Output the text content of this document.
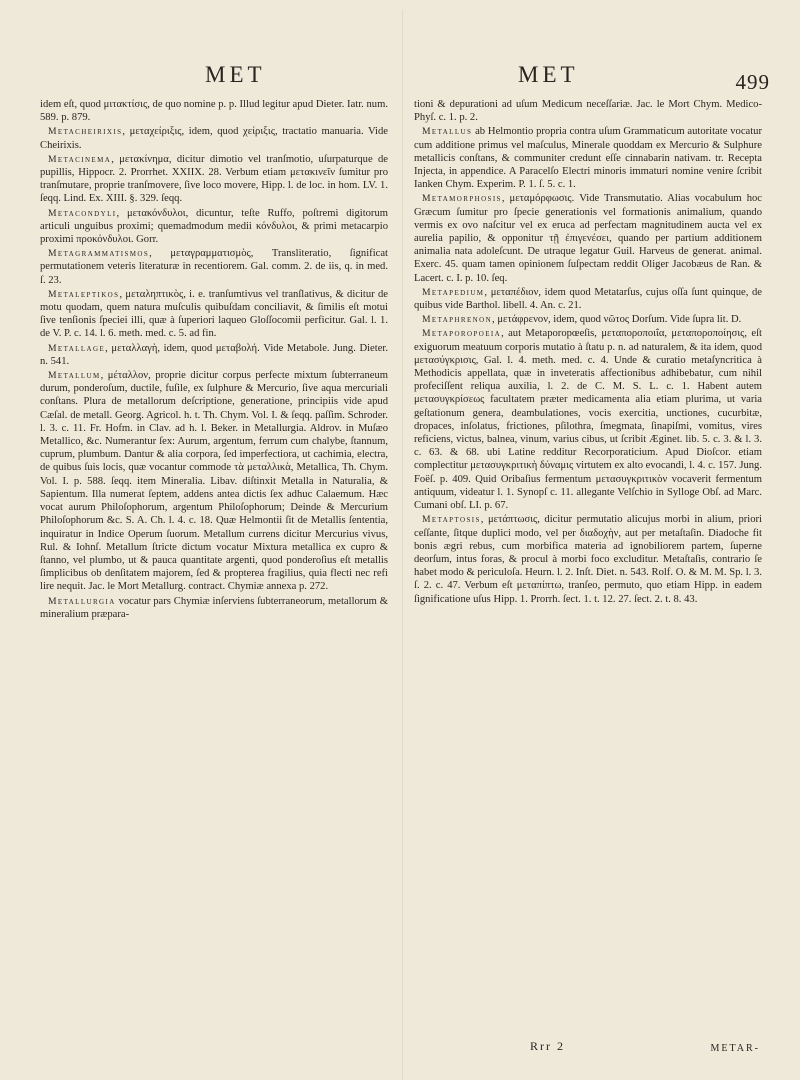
MET	MET	499

idem eſt, quod μιτακτίσις, de quo nomine p. p. Illud legitur apud Dieter. Iatr. num. 589. p. 879.

Metacheirixis, μεταχείριξις, idem, quod χείριξις, tractatio manuaria. Vide Cheirixis.

Metacinema, μετακίνημα, dicitur dimotio vel tranſmotio, uſurpaturque de pupillis, Hippocr. 2. Prorrhet. XXIIX. 28. Verbum etiam μετακινεῖν ſumitur pro tranſmutare, proprie tranſmovere, ſive loco movere, Hipp. l. de loc. in hom. LV. 1. ſeqq. Lind. Ex. XIII. §. 329. ſeqq.

Metacondyli, μετακόνδυλοι, dicuntur, teſte Ruffo, poſtremi digitorum articuli unguibus proximi; quemadmodum medii κόνδυλοι, & primi metacarpio proximi προκόνδυλοι. Gorr.

Metagrammatismos, μεταγραμματισμὸς, Transliteratio, ſignificat permutationem veteris literaturæ in recentiorem. Gal. comm. 2. de iis, q. in med. ſ. 23.

Metaleptikos, μεταληπτικὸς, i. e. tranſumtivus vel tranſlativus, & dicitur de motu quodam, quem natura muſculis quibuſdam conciliavit, & ſimilis eſt motui ſive tenſionis ſpeciei illi, quæ à ſuperiori laqueo Gloſſocomii perficitur. Gal. l. 1. de V. P. c. 14. l. 6. meth. med. c. 5. ad fin.

Metallage, μεταλλαγὴ, idem, quod μεταβολή. Vide Metabole. Jung. Dieter. n. 541.

Metallum, μέταλλον, proprie dicitur corpus perfecte mixtum ſubterraneum durum, ponderoſum, ductile, fuſile, ex ſulphure & Mercurio, ſive aqua mercuriali conſtans. Plura de metallorum deſcriptione, generatione, principiis vide apud Cæſal. de metall. Georg. Agricol. h. t. Th. Chym. Vol. I. & ſeqq. paſſim. Schroder. l. 3. c. 11. Fr. Hofm. in Clav. ad h. l. Beker. in Metallurgia. Aldrov. in Muſæo Metallico, &c. Numerantur ſex: Aurum, argentum, ferrum cum chalybe, ſtannum, cuprum, plumbum. Dantur & alia corpora, ſed imperfectiora, ut cachimia, electra, de quibus ſuis locis, quæ vocantur commode τὰ μεταλλικὰ, Metallica, Th. Chym. Vol. I. p. 588. ſeqq. item Mineralia. Libav. diſtinxit Metalla in Naturalia, & Sapientum. Illa numerat ſeptem, addens antea dictis ſex adhuc Calaemum. Hæc vocat aurum Philoſophorum, argentum Philoſophorum; Deinde & Mercurium Philoſophorum &c. S. A. Ch. l. 4. c. 18. Quæ Helmontii ſit de Metallis ſententia, inquiratur in Indice Operum ſuorum. Metallum currens dicitur Mercurius vivus, Rul. & Iohnſ. Metallum ſtricte dictum vocatur Mixtura metallica ex cupro & ſtanno, vel plumbo, ut & pauca quantitate argenti, quod ponderoſius eſt metallis ſimplicibus ob denſitatem majorem, ſed & propterea fragilius, quia flecti nec refi lire nequit. Jac. le Mort Metallurg. contract. Chymiæ annexa p. 272.

Metallurgia vocatur pars Chymiæ inſerviens ſubterraneorum, metallorum & mineralium præpara-

tioni & depurationi ad uſum Medicum neceſſariæ. Jac. le Mort Chym. Medico-Phyſ. c. 1. p. 2.

Metallus ab Helmontio propria contra uſum Grammaticum autoritate vocatur cum additione primus vel maſculus, Minerale quoddam ex Mercurio & Sulphure metallicis conſtans, & communiter credunt eſſe cinnabarin nativam. tr. Recepta Injecta, in appendice. A Paracelſo Electri minoris immaturi nomine venire ſcribit Ianken Chym. Experim. P. 1. ſ. 5. c. 1.

Metamorphosis, μεταμόρφωσις. Vide Transmutatio. Alias vocabulum hoc Græcum ſumitur pro ſpecie generationis vel formationis animalium, quando vermis ex ovo naſcitur vel ex eruca ad perfectam magnitudinem aucta vel ex aurelia papilio, & opponitur τῇ ἐπιγενέσει, quando per partium additionem animalia nata adoleſcunt. De utraque legatur Guil. Harveus de generat. animal. Exerc. 45. quam tamen opinionem ſuſpectam reddit Oliger Jacobæus de Ran. & Lacert. c. I. p. 10. ſeq.

Metapedium, μεταπέδιον, idem quod Metatarſus, cujus oſſa ſunt quinque, de quibus vide Barthol. libell. 4. An. c. 21.

Metaphrenon, μετάφρενον, idem, quod νῶτος Dorſum. Vide ſupra lit. D.

Metaporopoeia, aut Metaporopœeſis, μεταποροποιΐα, μεταποροποίησις, eſt exiguorum meatuum corporis mutatio à ſtatu p. n. ad naturalem, & ita idem, quod μετασύγκρισις, Gal. l. 4. meth. med. c. 4. Unde & curatio metaſyncritica à Methodicis appellata, quæ in inveteratis affectionibus adhibebatur, cum nihil profeciſſent reliqua auxilia, l. 2. de C. M. S. L. c. 1. Habent autem μετασυγκρίσεως facultatem præter medicamenta alia etiam plurima, ut varia geſtationum genera, deambulationes, vocis exercitia, unctiones, cucurbitæ, dropaces, inſolatus, frictiones, pſilothra, ſmegmata, ſinapiſmi, vomitus, vires reficiens, victus, balnea, vinum, varius cibus, ut ſcribit Æginet. lib. 5. c. 3. & l. 3. c. 63. & 68. ubi Latine redditur Recorporaticium. Apud Dioſcor. etiam complectitur μετασυγκριτικὴ δύναμις virtutem ex alto evocandi, l. 4. c. 157. Jung. Foëſ. p. 409. Quid Oribaſius fermentum μετασυγκριτικὸν vocaverit fermentum antiquum, videatur l. 1. Synopſ c. 11. allegante Velſchio in Sylloge Obſ. ad Marc. Cumani obſ. LI. p. 67.

Metaptosis, μετάπτωσις, dicitur permutatio alicujus morbi in alium, priori ceſſante, ſitque duplici modo, vel per διαδοχὴν, aut per metaſtaſin. Diadoche fit bonis ægri rebus, cum morbifica materia ad ignobiliorem partem, ſuperne deorſum, intus foras, & procul à morbi foco excluditur. Metaſtaſis, contrario ſe habet modo & periculoſa. Heurn. l. 2. Inſt. Diet. n. 543. Rolf. O. & M. M. Sp. l. 3. ſ. 2. c. 47. Verbum eſt μεταπίπτω, tranſeo, permuto, quo etiam Hipp. in eadem ſignificatione uſus Hipp. 1. Prorrh. ſect. 1. t. 12. 27. ſect. 2. t. 8. 43.

Rrr 2	METAR-
